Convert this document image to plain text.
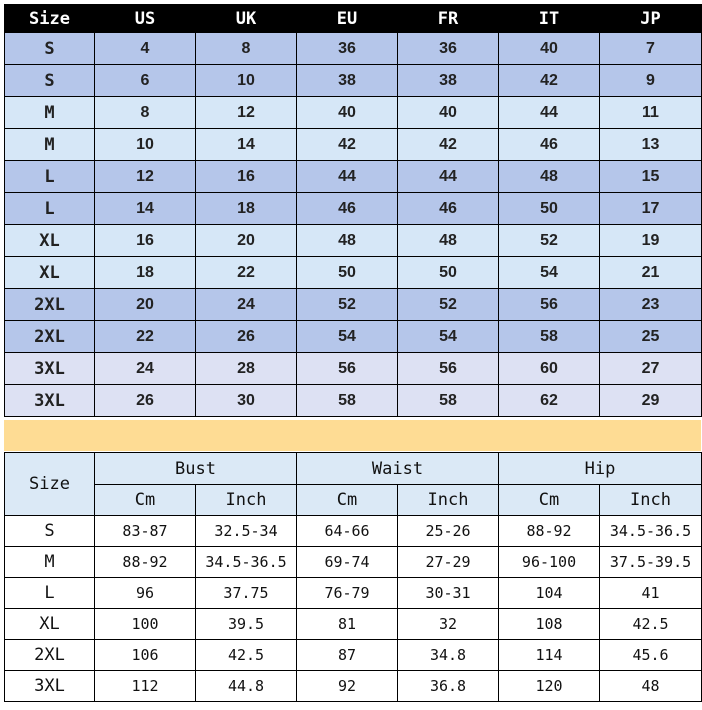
Size	US	UK	EU	FR	IT	JP
S	4	8	36	36	40	7
S	6	10	38	38	42	9
M	8	12	40	40	44	11
M	10	14	42	42	46	13
L	12	16	44	44	48	15
L	14	18	46	46	50	17
XL	16	20	48	48	52	19
XL	18	22	50	50	54	21
2XL	20	24	52	52	56	23
2XL	22	26	54	54	58	25
3XL	24	28	56	56	60	27
3XL	26	30	58	58	62	29
Size	Bust		Waist		Hip	
	Cm	Inch	Cm	Inch	Cm	Inch
S	83-87	32.5-34	64-66	25-26	88-92	34.5-36.5
M	88-92	34.5-36.5	69-74	27-29	96-100	37.5-39.5
L	96	37.75	76-79	30-31	104	41
XL	100	39.5	81	32	108	42.5
2XL	106	42.5	87	34.8	114	45.6
3XL	112	44.8	92	36.8	120	48
